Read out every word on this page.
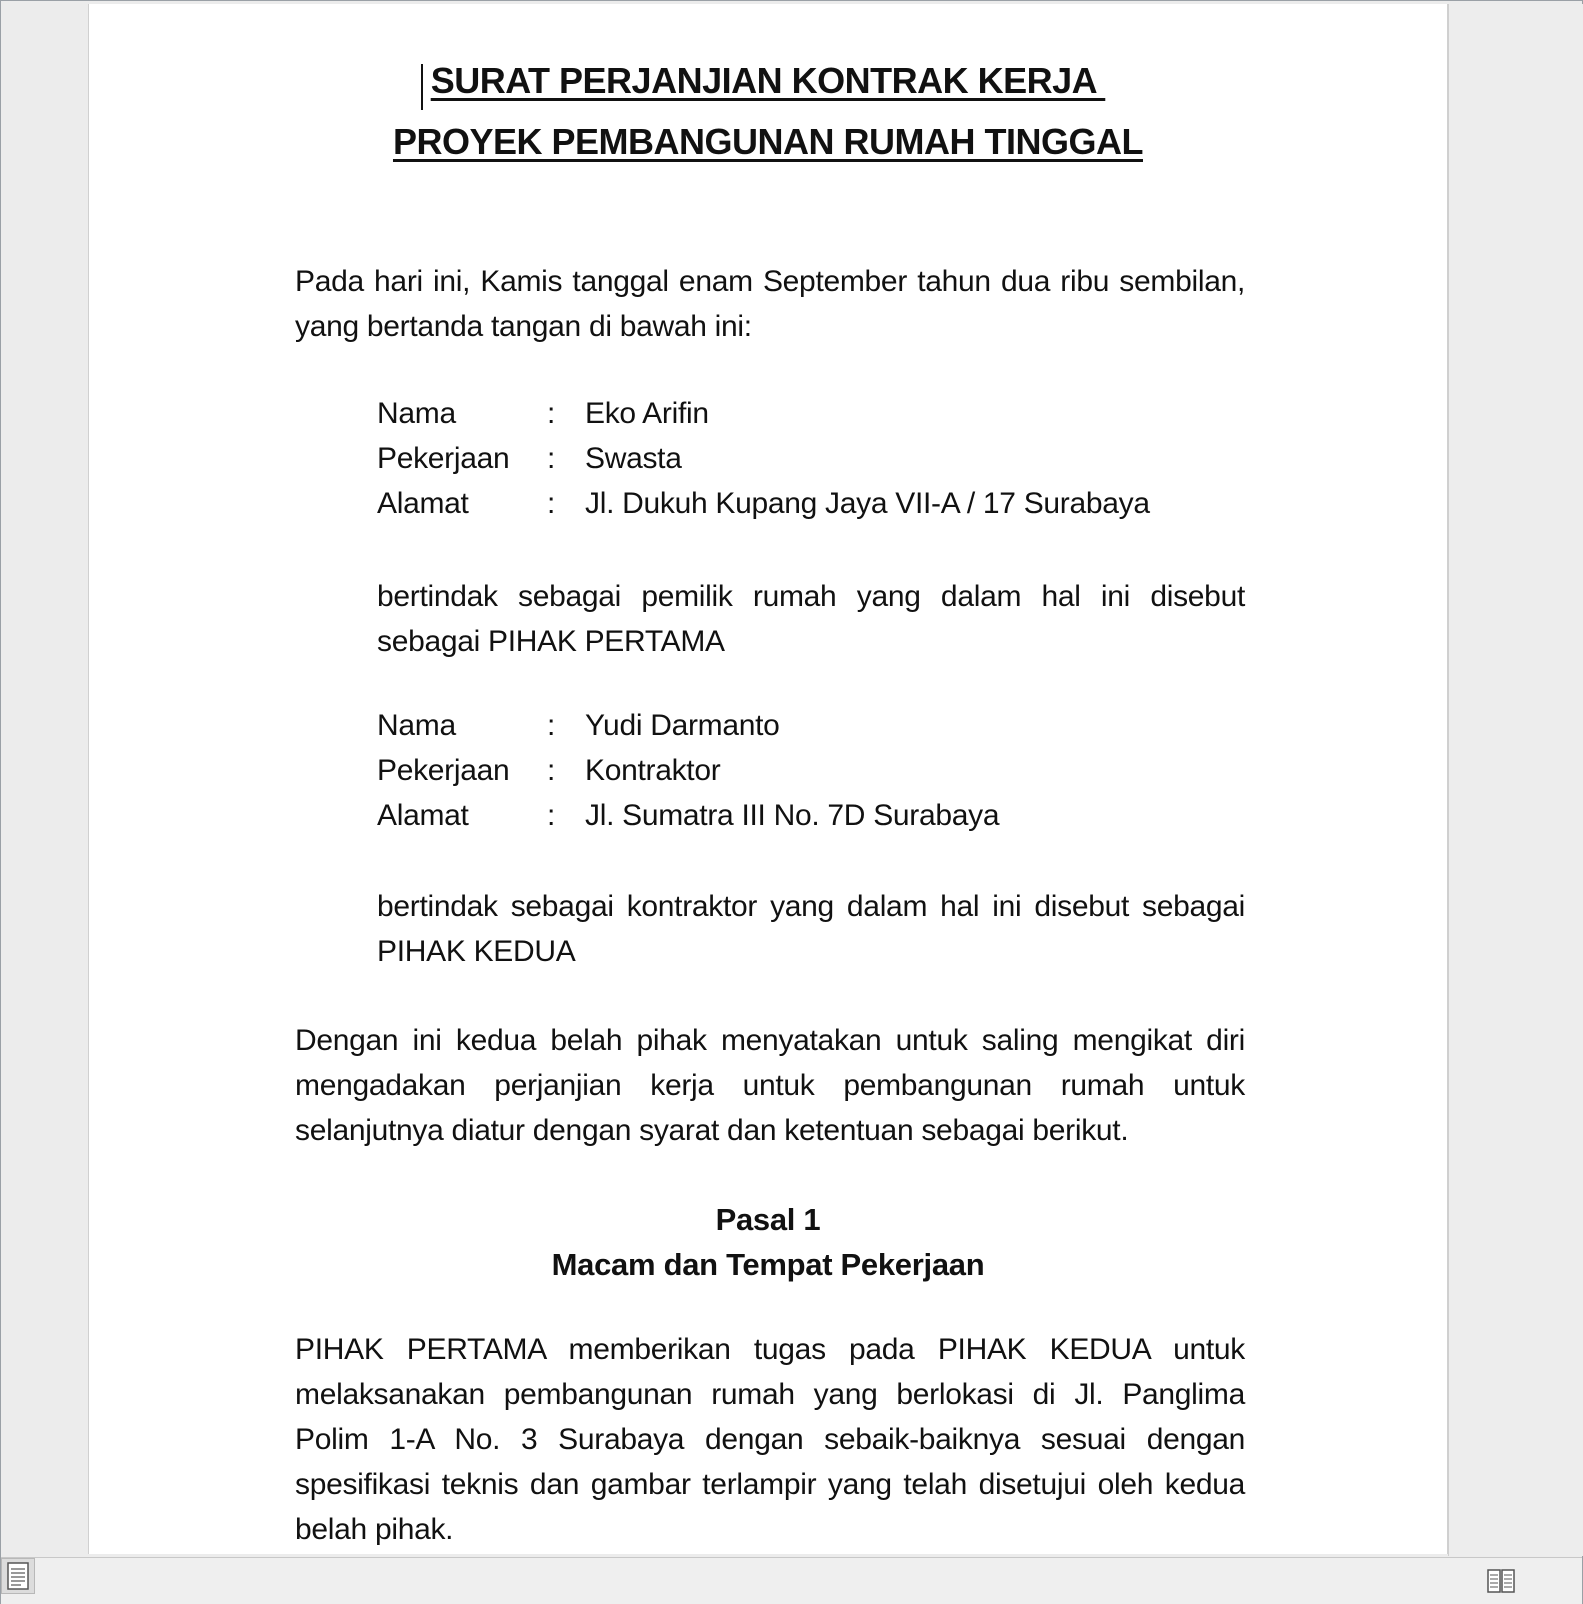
SURAT PERJANJIAN KONTRAK KERJA
PROYEK PEMBANGUNAN RUMAH TINGGAL
Pada hari ini, Kamis tanggal enam September tahun dua ribu sembilan, yang bertanda tangan di bawah ini:
Nama	:	Eko Arifin
Pekerjaan	:	Swasta
Alamat	:	Jl. Dukuh Kupang Jaya VII-A / 17 Surabaya
bertindak sebagai pemilik rumah yang dalam hal ini disebut sebagai PIHAK PERTAMA
Nama	:	Yudi Darmanto
Pekerjaan	:	Kontraktor
Alamat	:	Jl. Sumatra III No. 7D Surabaya
bertindak sebagai kontraktor yang dalam hal ini disebut sebagai PIHAK KEDUA
Dengan ini kedua belah pihak menyatakan untuk saling mengikat diri mengadakan perjanjian kerja untuk pembangunan rumah untuk selanjutnya diatur dengan syarat dan ketentuan sebagai berikut.
Pasal 1
Macam dan Tempat Pekerjaan
PIHAK PERTAMA memberikan tugas pada PIHAK KEDUA untuk melaksanakan pembangunan rumah yang berlokasi di Jl. Panglima Polim 1-A No. 3 Surabaya dengan sebaik-baiknya sesuai dengan spesifikasi teknis dan gambar terlampir yang telah disetujui oleh kedua belah pihak.
